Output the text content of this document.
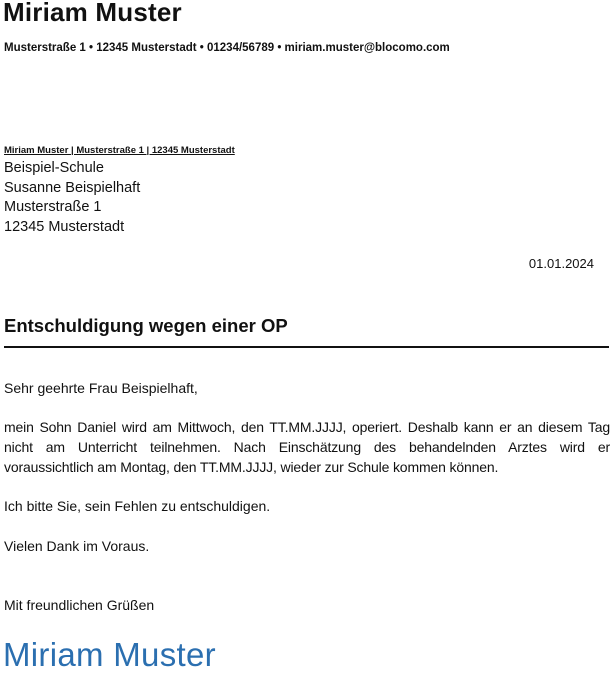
Miriam Muster
Musterstraße 1 • 12345 Musterstadt • 01234/56789 • miriam.muster@blocomo.com
Miriam Muster | Musterstraße 1 | 12345 Musterstadt
Beispiel-Schule
Susanne Beispielhaft
Musterstraße 1
12345 Musterstadt
01.01.2024
Entschuldigung wegen einer OP
Sehr geehrte Frau Beispielhaft,
mein Sohn Daniel wird am Mittwoch, den TT.MM.JJJJ, operiert. Deshalb kann er an diesem Tag nicht am Unterricht teilnehmen. Nach Einschätzung des behandelnden Arztes wird er voraussichtlich am Montag, den TT.MM.JJJJ, wieder zur Schule kommen können.
Ich bitte Sie, sein Fehlen zu entschuldigen.
Vielen Dank im Voraus.
Mit freundlichen Grüßen
Miriam Muster
